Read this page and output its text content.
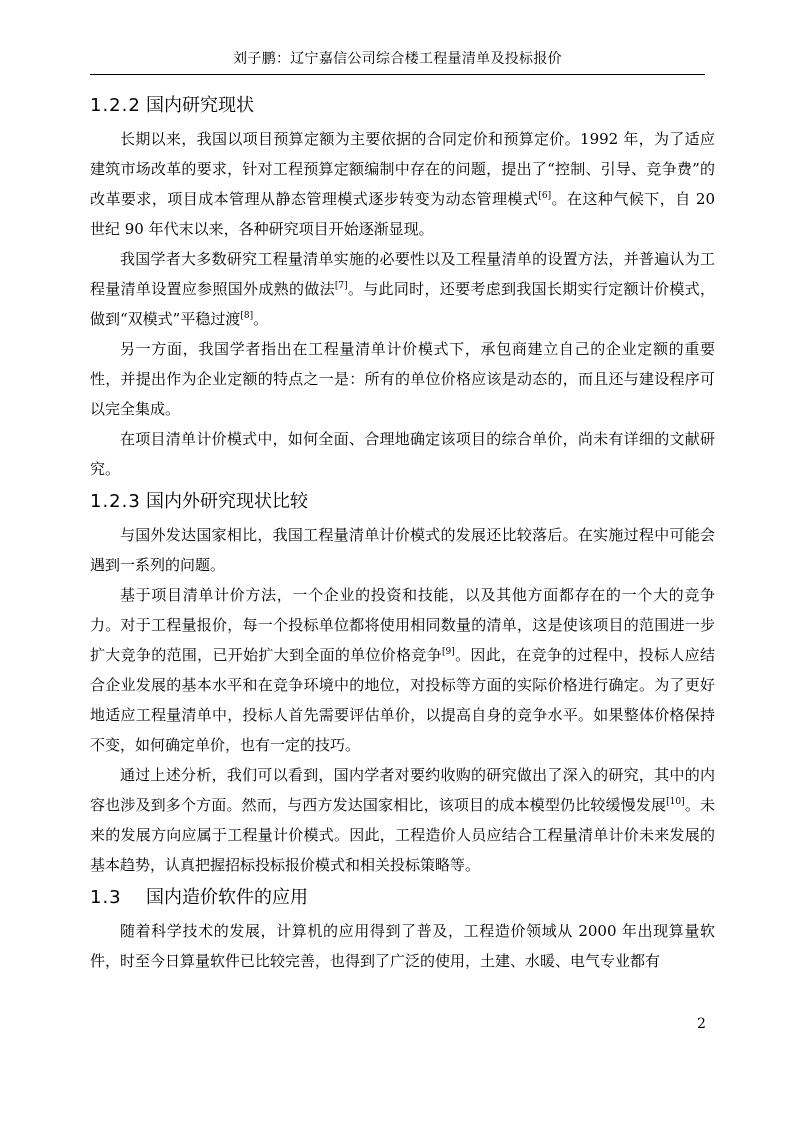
刘子鹏：辽宁嘉信公司综合楼工程量清单及投标报价
1.2.2 国内研究现状

长期以来，我国以项目预算定额为主要依据的合同定价和预算定价。1992 年，为了适应建筑市场改革的要求，针对工程预算定额编制中存在的问题，提出了“控制、引导、竞争费”的改革要求，项目成本管理从静态管理模式逐步转变为动态管理模式[6]。在这种气候下，自 20 世纪 90 年代末以来，各种研究项目开始逐渐显现。

我国学者大多数研究工程量清单实施的必要性以及工程量清单的设置方法，并普遍认为工程量清单设置应参照国外成熟的做法[7]。与此同时，还要考虑到我国长期实行定额计价模式，做到“双模式”平稳过渡[8]。

另一方面，我国学者指出在工程量清单计价模式下，承包商建立自己的企业定额的重要性，并提出作为企业定额的特点之一是：所有的单位价格应该是动态的，而且还与建设程序可以完全集成。

在项目清单计价模式中，如何全面、合理地确定该项目的综合单价，尚未有详细的文献研究。

1.2.3 国内外研究现状比较

与国外发达国家相比，我国工程量清单计价模式的发展还比较落后。在实施过程中可能会遇到一系列的问题。

基于项目清单计价方法，一个企业的投资和技能，以及其他方面都存在的一个大的竞争力。对于工程量报价，每一个投标单位都将使用相同数量的清单，这是使该项目的范围进一步扩大竞争的范围，已开始扩大到全面的单位价格竞争[9]。因此，在竞争的过程中，投标人应结合企业发展的基本水平和在竞争环境中的地位，对投标等方面的实际价格进行确定。为了更好地适应工程量清单中，投标人首先需要评估单价，以提高自身的竞争水平。如果整体价格保持不变，如何确定单价，也有一定的技巧。

通过上述分析，我们可以看到，国内学者对要约收购的研究做出了深入的研究，其中的内容也涉及到多个方面。然而，与西方发达国家相比，该项目的成本模型仍比较缓慢发展[10]。未来的发展方向应属于工程量计价模式。因此，工程造价人员应结合工程量清单计价未来发展的基本趋势，认真把握招标投标报价模式和相关投标策略等。

1.3 国内造价软件的应用

随着科学技术的发展，计算机的应用得到了普及，工程造价领域从 2000 年出现算量软件，时至今日算量软件已比较完善，也得到了广泛的使用，土建、水暖、电气专业都有

2
